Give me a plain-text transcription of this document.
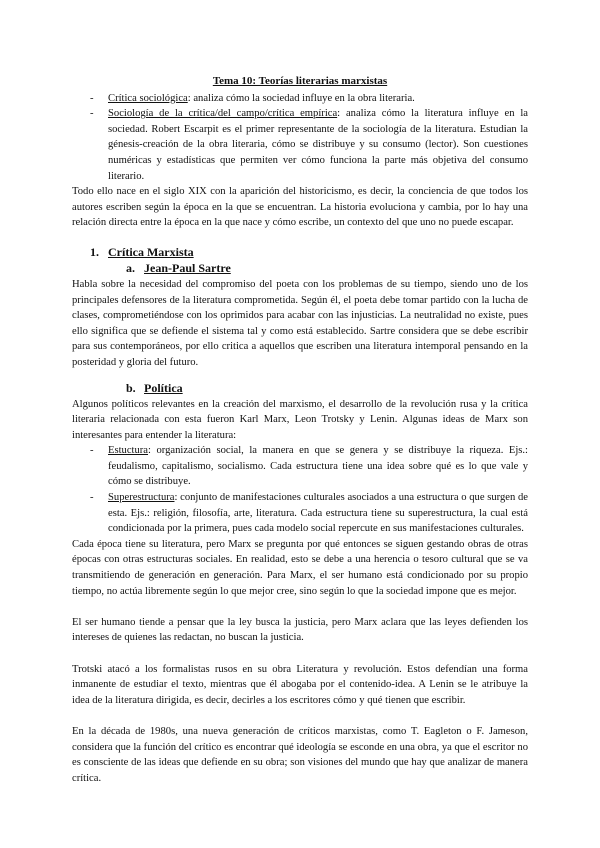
Tema 10: Teorías literarias marxistas
- Crítica sociológica: analiza cómo la sociedad influye en la obra literaria.
- Sociología de la crítica/del campo/crítica empírica: analiza cómo la literatura influye en la sociedad. Robert Escarpit es el primer representante de la sociología de la literatura. Estudian la génesis-creación de la obra literaria, cómo se distribuye y su consumo (lector). Son cuestiones numéricas y estadísticas que permiten ver cómo funciona la parte más objetiva del consumo literario.

Todo ello nace en el siglo XIX con la aparición del historicismo, es decir, la conciencia de que todos los autores escriben según la época en la que se encuentran. La historia evoluciona y cambia, por lo hay una relación directa entre la época en la que nace y cómo escribe, un contexto del que uno no puede escapar.

1. Crítica Marxista
a. Jean-Paul Sartre

Habla sobre la necesidad del compromiso del poeta con los problemas de su tiempo, siendo uno de los principales defensores de la literatura comprometida. Según él, el poeta debe tomar partido con la lucha de clases, comprometiéndose con los oprimidos para acabar con las injusticias. La neutralidad no existe, pues ello significa que se defiende el sistema tal y como está establecido. Sartre considera que se debe escribir para sus contemporáneos, por ello critica a aquellos que escriben una literatura intemporal pensando en la posteridad y gloria del futuro.

b. Política

Algunos políticos relevantes en la creación del marxismo, el desarrollo de la revolución rusa y la crítica literaria relacionada con esta fueron Karl Marx, Leon Trotsky y Lenin. Algunas ideas de Marx son interesantes para entender la literatura:

- Estuctura: organización social, la manera en que se genera y se distribuye la riqueza. Ejs.: feudalismo, capitalismo, socialismo. Cada estructura tiene una idea sobre qué es lo que vale y cómo se distribuye.
- Superestructura: conjunto de manifestaciones culturales asociados a una estructura o que surgen de esta. Ejs.: religión, filosofía, arte, literatura. Cada estructura tiene su superestructura, la cual está condicionada por la primera, pues cada modelo social repercute en sus manifestaciones culturales.

Cada época tiene su literatura, pero Marx se pregunta por qué entonces se siguen gestando obras de otras épocas con otras estructuras sociales. En realidad, esto se debe a una herencia o tesoro cultural que se va transmitiendo de generación en generación. Para Marx, el ser humano está condicionado por su propio tiempo, no actúa libremente según lo que mejor cree, sino según lo que la sociedad impone que es mejor.

El ser humano tiende a pensar que la ley busca la justicia, pero Marx aclara que las leyes defienden los intereses de quienes las redactan, no buscan la justicia.

Trotski atacó a los formalistas rusos en su obra Literatura y revolución. Estos defendían una forma inmanente de estudiar el texto, mientras que él abogaba por el contenido-idea. A Lenin se le atribuye la idea de la literatura dirigida, es decir, decirles a los escritores cómo y qué tienen que escribir.

En la década de 1980s, una nueva generación de críticos marxistas, como T. Eagleton o F. Jameson, considera que la función del crítico es encontrar qué ideología se esconde en una obra, ya que el escritor no es consciente de las ideas que defiende en su obra; son visiones del mundo que hay que analizar de manera crítica.
